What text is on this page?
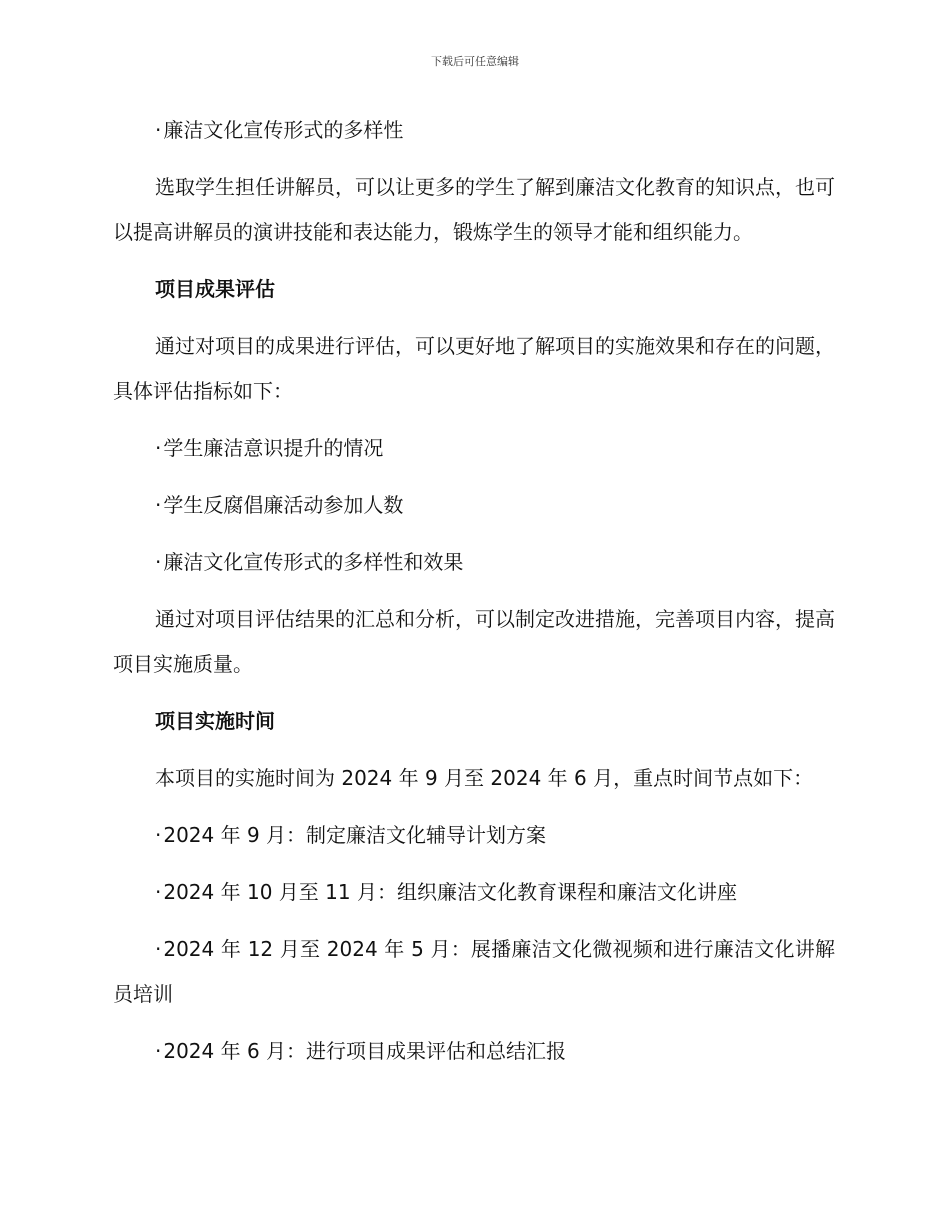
下载后可任意编辑
· 廉洁文化宣传形式的多样性
选取学生担任讲解员，可以让更多的学生了解到廉洁文化教育的知识点，也可以提高讲解员的演讲技能和表达能力，锻炼学生的领导才能和组织能力。
项目成果评估
通过对项目的成果进行评估，可以更好地了解项目的实施效果和存在的问题，具体评估指标如下：
· 学生廉洁意识提升的情况
· 学生反腐倡廉活动参加人数
· 廉洁文化宣传形式的多样性和效果
通过对项目评估结果的汇总和分析，可以制定改进措施，完善项目内容，提高项目实施质量。
项目实施时间
本项目的实施时间为 2024 年 9 月至 2024 年 6 月，重点时间节点如下：
· 2024 年 9 月：制定廉洁文化辅导计划方案
· 2024 年 10 月至 11 月：组织廉洁文化教育课程和廉洁文化讲座
· 2024 年 12 月至 2024 年 5 月：展播廉洁文化微视频和进行廉洁文化讲解员培训
· 2024 年 6 月：进行项目成果评估和总结汇报
